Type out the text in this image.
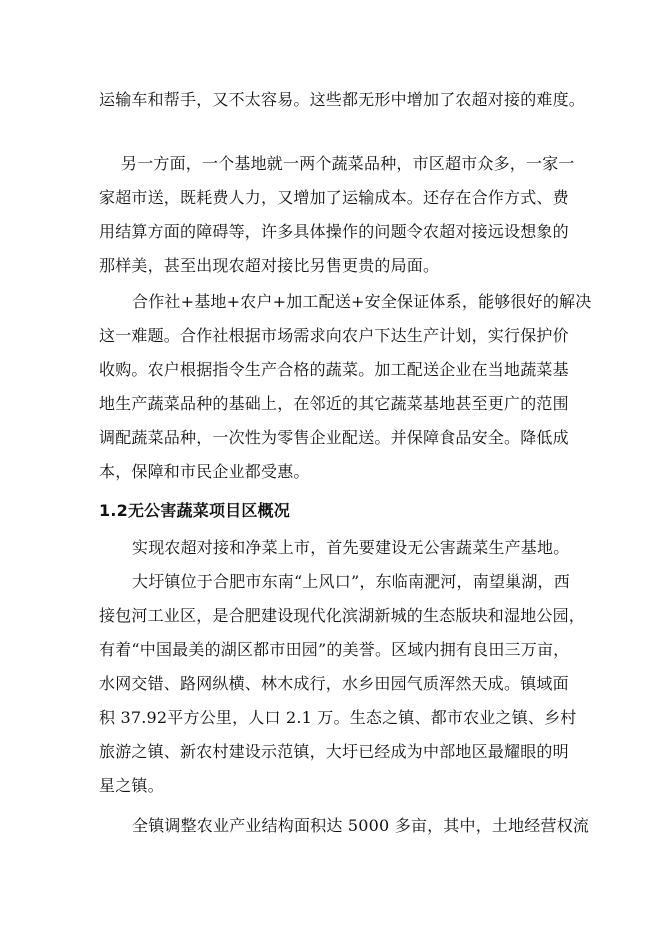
运输车和帮手，又不太容易。这些都无形中增加了农超对接的难度。
另一方面，一个基地就一两个蔬菜品种，市区超市众多，一家一
家超市送，既耗费人力，又增加了运输成本。还存在合作方式、费
用结算方面的障碍等，许多具体操作的问题令农超对接远设想象的
那样美，甚至出现农超对接比另售更贵的局面。
合作社+基地+农户+加工配送+安全保证体系，能够很好的解决
这一难题。合作社根据市场需求向农户下达生产计划，实行保护价
收购。农户根据指令生产合格的蔬菜。加工配送企业在当地蔬菜基
地生产蔬菜品种的基础上，在邻近的其它蔬菜基地甚至更广的范围
调配蔬菜品种，一次性为零售企业配送。并保障食品安全。降低成
本，保障和市民企业都受惠。
1.2无公害蔬菜项目区概况
实现农超对接和净菜上市，首先要建设无公害蔬菜生产基地。
大圩镇位于合肥市东南“上风口”，东临南淝河，南望巢湖，西
接包河工业区，是合肥建设现代化滨湖新城的生态版块和湿地公园，
有着“中国最美的湖区都市田园”的美誉。区域内拥有良田三万亩，
水网交错、路网纵横、林木成行，水乡田园气质浑然天成。镇域面
积 37.92平方公里，人口 2.1 万。生态之镇、都市农业之镇、乡村
旅游之镇、新农村建设示范镇，大圩已经成为中部地区最耀眼的明
星之镇。
全镇调整农业产业结构面积达 5000 多亩，其中，土地经营权流
